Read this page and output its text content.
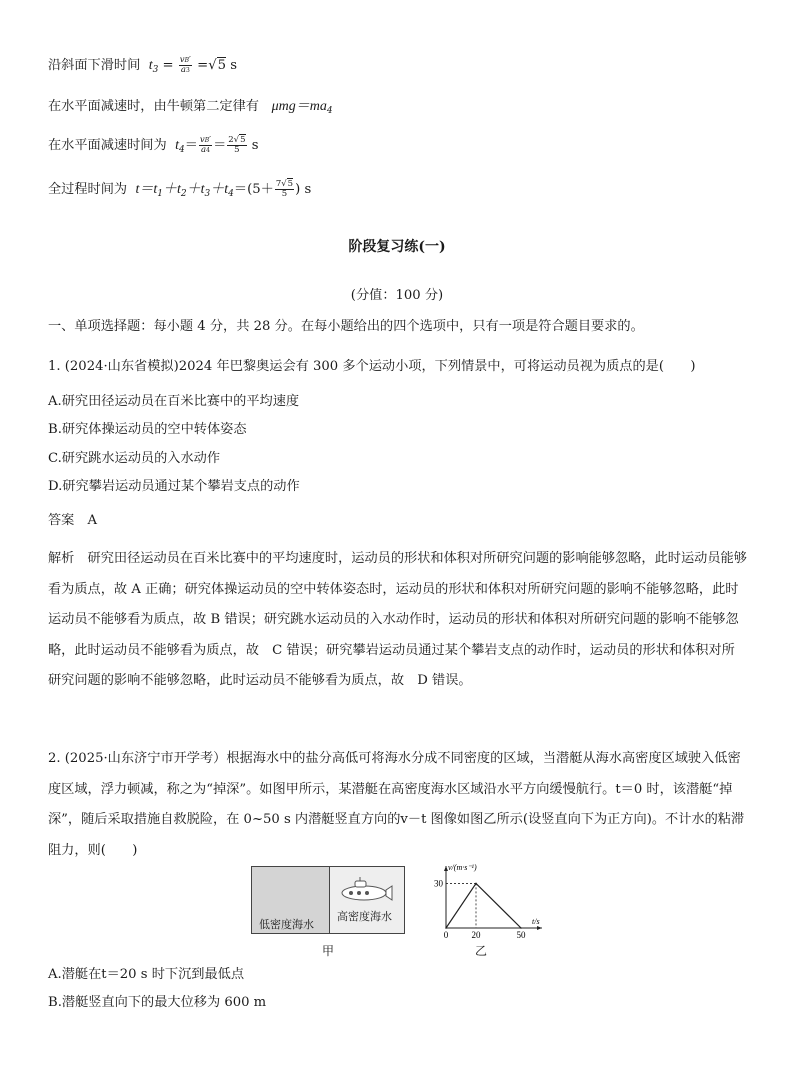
沿斜面下滑时间 $t_3 = \frac{vB'}{a3} =√5$ s
在水平面减速时，由牛顿第二定律有 $\mu mg=ma_4$
在水平面减速时间为 $t_4= \frac{vB'}{a4} = \frac{2√5}{5}$ s
全过程时间为 $t=t_1+t_2+t_3+t_4=(5+ \frac{7√5}{5}$ ) s
阶段复习练(一)
(分值：100 分)
一、单项选择题：每小题 4 分，共 28 分。在每小题给出的四个选项中，只有一项是符合题目要求的。
1. (2024·山东省模拟)2024 年巴黎奥运会有 300 多个运动小项，下列情景中，可将运动员视为质点的是(　　)
A.研究田径运动员在百米比赛中的平均速度
B.研究体操运动员的空中转体姿态
C.研究跳水运动员的入水动作
D.研究攀岩运动员通过某个攀岩支点的动作
答案　A
解析　研究田径运动员在百米比赛中的平均速度时，运动员的形状和体积对所研究问题的影响能够忽略，此时运动员能够看为质点，故 A 正确；研究体操运动员的空中转体姿态时，运动员的形状和体积对所研究问题的影响不能够忽略，此时运动员不能够看为质点，故 B 错误；研究跳水运动员的入水动作时，运动员的形状和体积对所研究问题的影响不能够忽略，此时运动员不能够看为质点，故　C 错误；研究攀岩运动员通过某个攀岩支点的动作时，运动员的形状和体积对所研究问题的影响不能够忽略，此时运动员不能够看为质点，故　D 错误。
2. (2025·山东济宁市开学考）根据海水中的盐分高低可将海水分成不同密度的区域，当潜艇从海水高密度区域驶入低密度区域，浮力顿减，称之为“掉深”。如图甲所示，某潜艇在高密度海水区域沿水平方向缓慢航行。t＝0 时，该潜艇“掉深”，随后采取措施自救脱险，在 0~50 s 内潜艇竖直方向的v－t 图像如图乙所示(设竖直向下为正方向)。不计水的粘滞阻力，则(　　)
低密度海水
高密度海水
甲
0	20	50
30
v/(m·s⁻¹)
t/s
乙
A.潜艇在t＝20 s 时下沉到最低点
B.潜艇竖直向下的最大位移为 600 m
